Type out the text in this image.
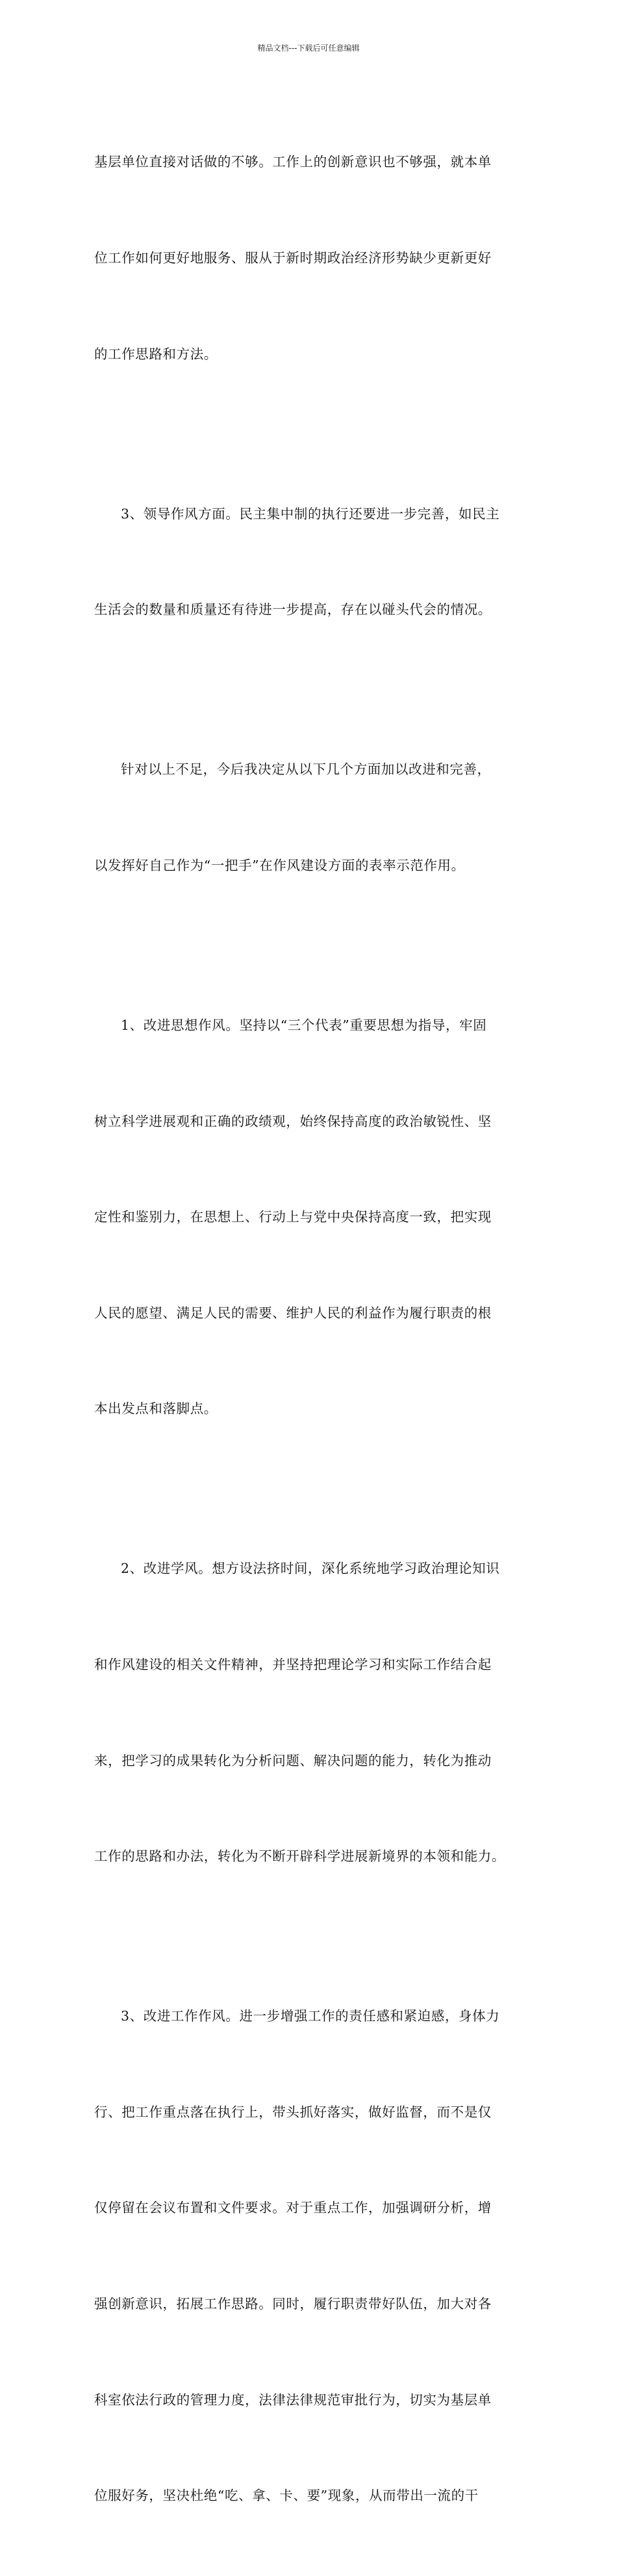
精品文档---下载后可任意编辑

基层单位直接对话做的不够。工作上的创新意识也不够强，就本单

位工作如何更好地服务、服从于新时期政治经济形势缺少更新更好

的工作思路和方法。

3、领导作风方面。民主集中制的执行还要进一步完善，如民主

生活会的数量和质量还有待进一步提高，存在以碰头代会的情况。

针对以上不足，今后我决定从以下几个方面加以改进和完善，

以发挥好自己作为“一把手”在作风建设方面的表率示范作用。

1、改进思想作风。坚持以“三个代表”重要思想为指导，牢固

树立科学进展观和正确的政绩观，始终保持高度的政治敏锐性、坚

定性和鉴别力，在思想上、行动上与党中央保持高度一致，把实现

人民的愿望、满足人民的需要、维护人民的利益作为履行职责的根

本出发点和落脚点。

2、改进学风。想方设法挤时间，深化系统地学习政治理论知识

和作风建设的相关文件精神，并坚持把理论学习和实际工作结合起

来，把学习的成果转化为分析问题、解决问题的能力，转化为推动

工作的思路和办法，转化为不断开辟科学进展新境界的本领和能力。

3、改进工作作风。进一步增强工作的责任感和紧迫感，身体力

行、把工作重点落在执行上，带头抓好落实，做好监督，而不是仅

仅停留在会议布置和文件要求。对于重点工作，加强调研分析，增

强创新意识，拓展工作思路。同时，履行职责带好队伍，加大对各

科室依法行政的管理力度，法律法律规范审批行为，切实为基层单

位服好务，坚决杜绝“吃、拿、卡、要”现象，从而带出一流的干
